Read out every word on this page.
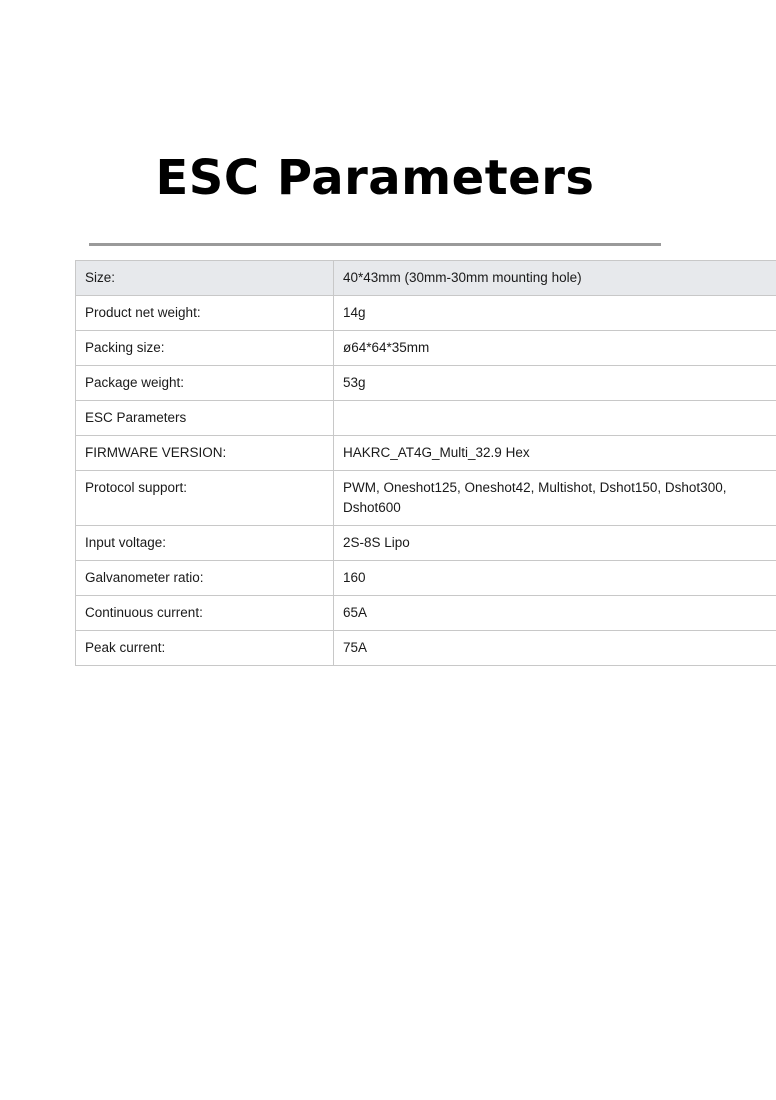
ESC Parameters
Size:	40*43mm (30mm-30mm mounting hole)
Product net weight:	14g
Packing size:	ø64*64*35mm
Package weight:	53g
ESC Parameters	
FIRMWARE VERSION:	HAKRC_AT4G_Multi_32.9 Hex
Protocol support:	PWM, Oneshot125, Oneshot42, Multishot, Dshot150, Dshot300, Dshot600
Input voltage:	2S-8S Lipo
Galvanometer ratio:	160
Continuous current:	65A
Peak current:	75A
